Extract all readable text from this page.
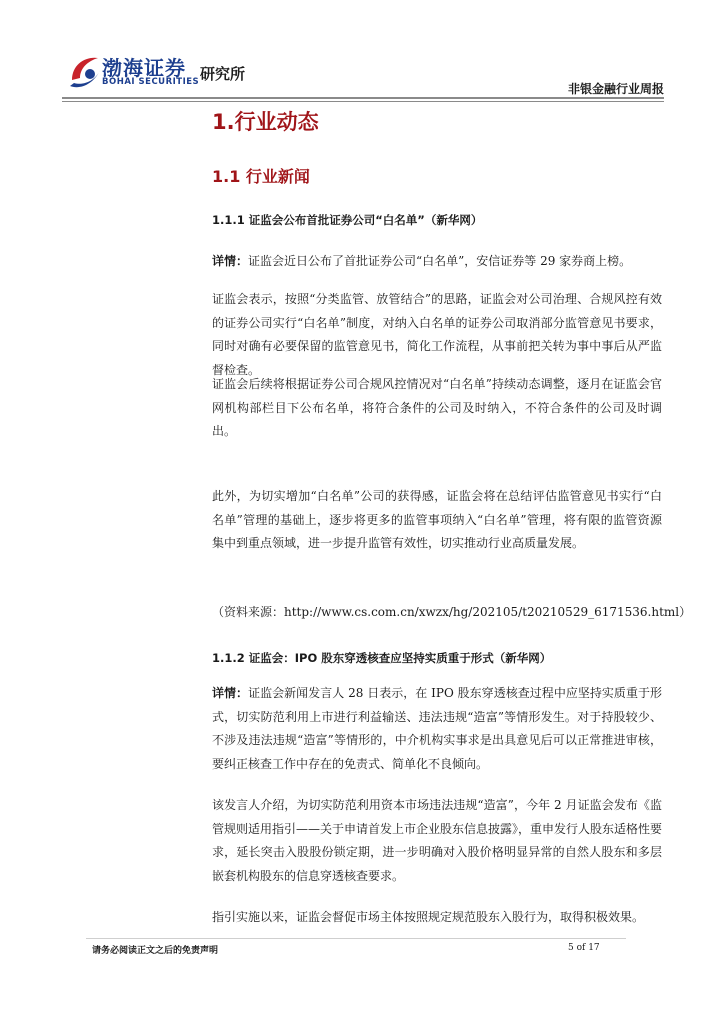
渤海证券
BOHAI SECURITIES 研究所
非银金融行业周报
1.行业动态
1.1 行业新闻
1.1.1 证监会公布首批证券公司“白名单”（新华网）

详情：证监会近日公布了首批证券公司“白名单”，安信证券等 29 家券商上榜。

证监会表示，按照“分类监管、放管结合”的思路，证监会对公司治理、合规风控有效的证券公司实行“白名单”制度，对纳入白名单的证券公司取消部分监管意见书要求，同时对确有必要保留的监管意见书，简化工作流程，从事前把关转为事中事后从严监督检查。

证监会后续将根据证券公司合规风控情况对“白名单”持续动态调整，逐月在证监会官网机构部栏目下公布名单，将符合条件的公司及时纳入，不符合条件的公司及时调出。

此外，为切实增加“白名单”公司的获得感，证监会将在总结评估监管意见书实行“白名单”管理的基础上，逐步将更多的监管事项纳入“白名单”管理，将有限的监管资源集中到重点领域，进一步提升监管有效性，切实推动行业高质量发展。

（资料来源：http://www.cs.com.cn/xwzx/hg/202105/t20210529_6171536.html）
1.1.2 证监会：IPO 股东穿透核查应坚持实质重于形式（新华网）

详情：证监会新闻发言人 28 日表示，在 IPO 股东穿透核查过程中应坚持实质重于形式，切实防范利用上市进行利益输送、违法违规“造富”等情形发生。对于持股较少、不涉及违法违规“造富”等情形的，中介机构实事求是出具意见后可以正常推进审核，要纠正核查工作中存在的免责式、简单化不良倾向。

该发言人介绍，为切实防范利用资本市场违法违规“造富”，今年 2 月证监会发布《监管规则适用指引——关于申请首发上市企业股东信息披露》，重申发行人股东适格性要求，延长突击入股股份锁定期，进一步明确对入股价格明显异常的自然人股东和多层嵌套机构股东的信息穿透核查要求。

指引实施以来，证监会督促市场主体按照规定规范股东入股行为，取得积极效果。

请务必阅读正文之后的免责声明	5 of 17
